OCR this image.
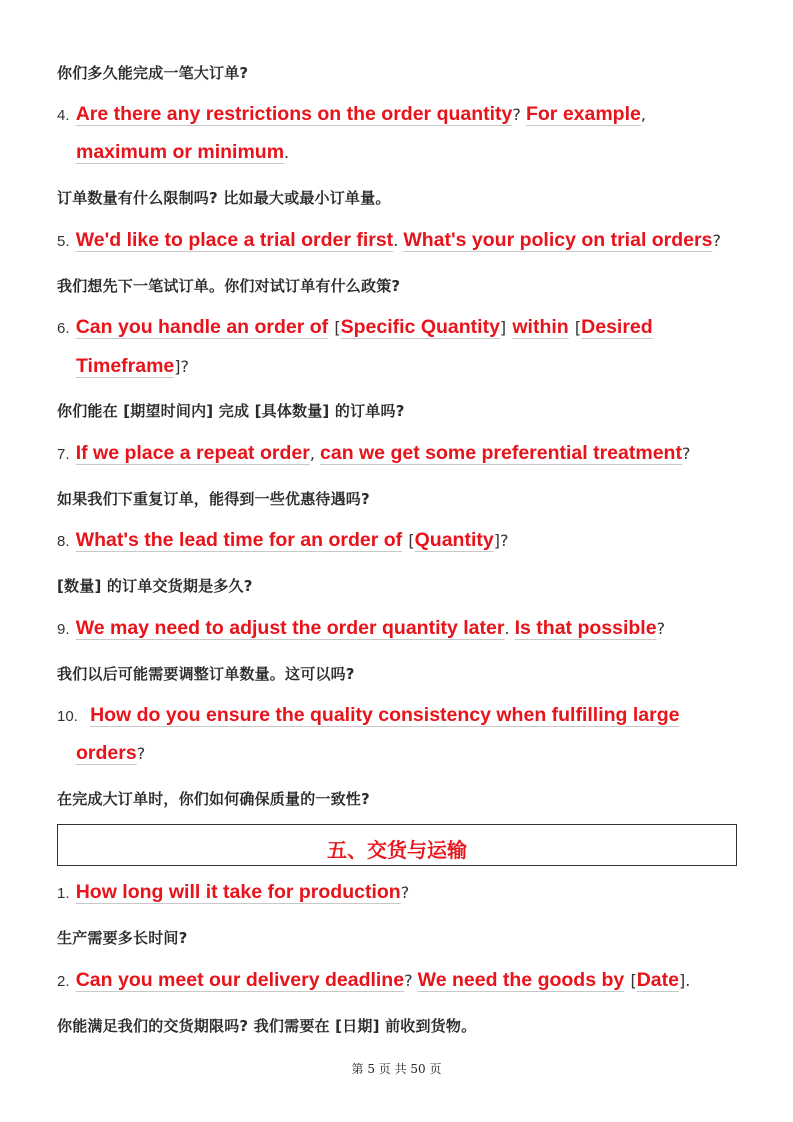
你们多久能完成一笔大订单?
4. Are there any restrictions on the order quantity? For example,
maximum or minimum.
订单数量有什么限制吗? 比如最大或最小订单量。
5. We'd like to place a trial order first. What's your policy on trial orders?
我们想先下一笔试订单。你们对试订单有什么政策?
6. Can you handle an order of [Specific Quantity] within [Desired
Timeframe]?
你们能在 [期望时间内] 完成 [具体数量] 的订单吗?
7. If we place a repeat order, can we get some preferential treatment?
如果我们下重复订单，能得到一些优惠待遇吗?
8. What's the lead time for an order of [Quantity]?
[数量] 的订单交货期是多久?
9. We may need to adjust the order quantity later. Is that possible?
我们以后可能需要调整订单数量。这可以吗?
10. How do you ensure the quality consistency when fulfilling large
orders?
在完成大订单时，你们如何确保质量的一致性?
五、交货与运输
1. How long will it take for production?
生产需要多长时间?
2. Can you meet our delivery deadline? We need the goods by [Date].
你能满足我们的交货期限吗? 我们需要在 [日期] 前收到货物。
第 5 页 共 50 页
